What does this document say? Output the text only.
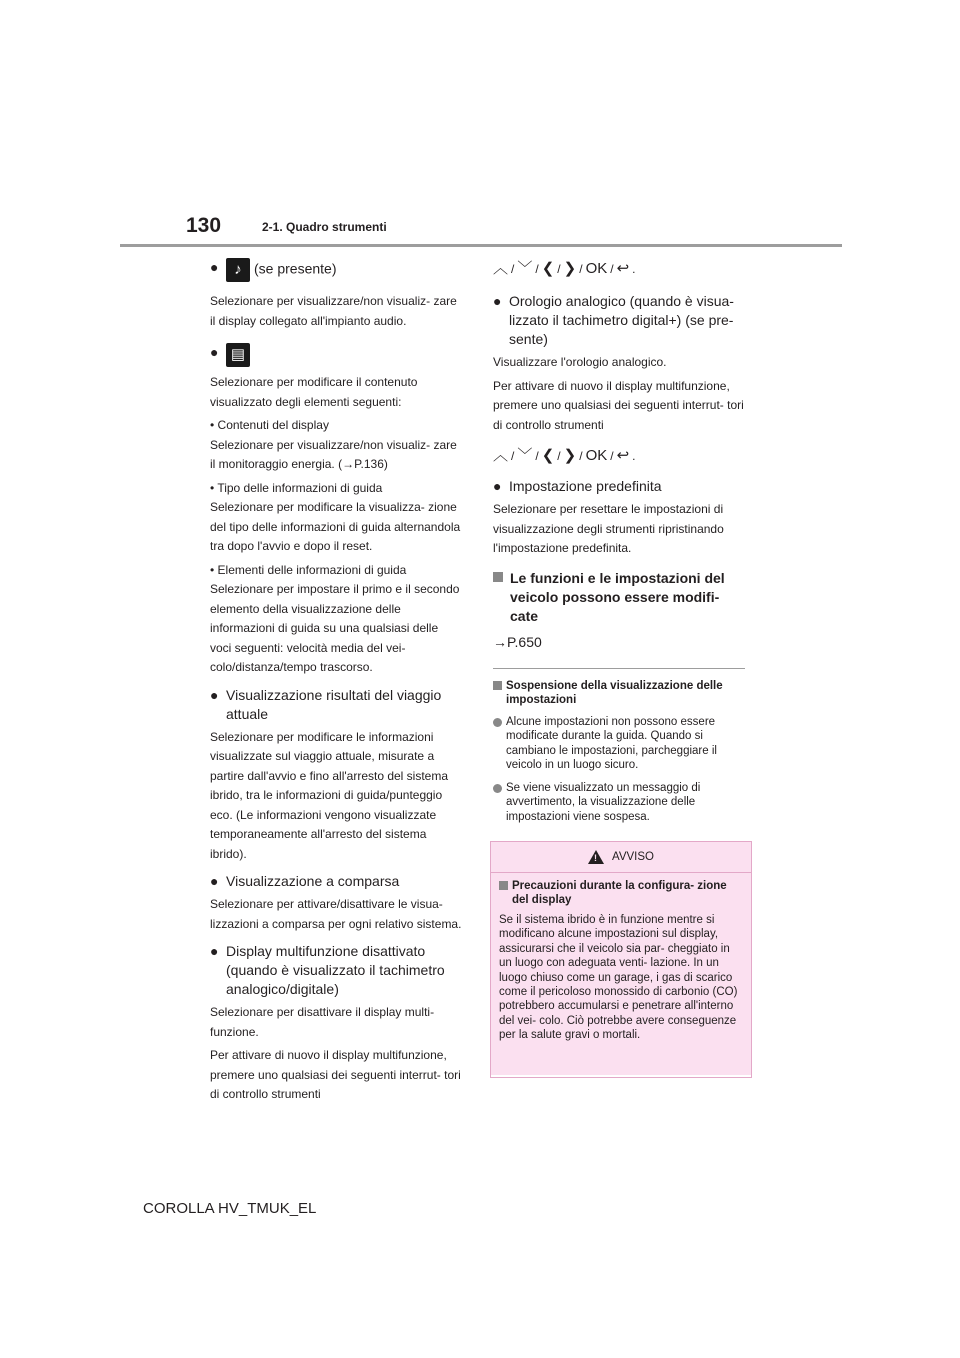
130	2-1. Quadro strumenti

● ♪ (se presente)

Selezionare per visualizzare/non visualiz- zare il display collegato all'impianto audio.

● ▤

Selezionare per modificare il contenuto visualizzato degli elementi seguenti:

• Contenuti del display

Selezionare per visualizzare/non visualiz- zare il monitoraggio energia. (→P.136)

• Tipo delle informazioni di guida

Selezionare per modificare la visualizza- zione del tipo delle informazioni di guida alternandola tra dopo l'avvio e dopo il reset.

• Elementi delle informazioni di guida

Selezionare per impostare il primo e il secondo elemento della visualizzazione delle informazioni di guida su una qualsiasi delle voci seguenti: velocità media del vei- colo/distanza/tempo trascorso.

● Visualizzazione risultati del viaggio attuale

Selezionare per modificare le informazioni visualizzate sul viaggio attuale, misurate a partire dall'avvio e fino all'arresto del sistema ibrido, tra le informazioni di guida/punteggio eco. (Le informazioni vengono visualizzate temporaneamente all'arresto del sistema ibrido).

● Visualizzazione a comparsa

Selezionare per attivare/disattivare le visua- lizzazioni a comparsa per ogni relativo sistema.

● Display multifunzione disattivato (quando è visualizzato il tachimetro analogico/digitale)

Selezionare per disattivare il display multi- funzione.

Per attivare di nuovo il display multifunzione, premere uno qualsiasi dei seguenti interrut- tori di controllo strumenti

︿ / ﹀ / ❮ / ❯ / OK / ↩ .

● Orologio analogico (quando è visua- lizzato il tachimetro digital+) (se pre- sente)

Visualizzare l'orologio analogico.

Per attivare di nuovo il display multifunzione, premere uno qualsiasi dei seguenti interrut- tori di controllo strumenti

︿ / ﹀ / ❮ / ❯ / OK / ↩ .

● Impostazione predefinita

Selezionare per resettare le impostazioni di visualizzazione degli strumenti ripristinando l'impostazione predefinita.

Le funzioni e le impostazioni del veicolo possono essere modifi- cate

→P.650

Sospensione della visualizzazione delle impostazioni

Alcune impostazioni non possono essere modificate durante la guida. Quando si cambiano le impostazioni, parcheggiare il veicolo in un luogo sicuro.

Se viene visualizzato un messaggio di avvertimento, la visualizzazione delle impostazioni viene sospesa.

! AVVISO

Precauzioni durante la configura- zione del display

Se il sistema ibrido è in funzione mentre si modificano alcune impostazioni sul display, assicurarsi che il veicolo sia par- cheggiato in un luogo con adeguata venti- lazione. In un luogo chiuso come un garage, i gas di scarico come il pericoloso monossido di carbonio (CO) potrebbero accumularsi e penetrare all'interno del vei- colo. Ciò potrebbe avere conseguenze per la salute gravi o mortali.

COROLLA HV_TMUK_EL
